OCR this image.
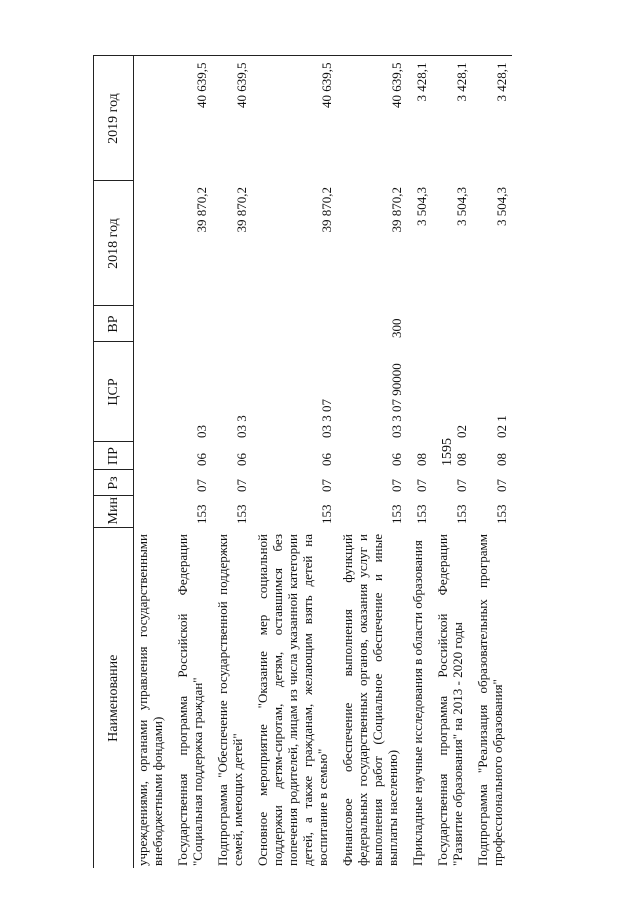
1595
Наименование	Мин	Рз	ПР	ЦСР	ВР	2018 год	2019 год
учреждениями, органами управления государственными внебюджетными фондами)							
Государственная программа Российской Федерации "Социальная поддержка граждан"	153	07	06	03		39 870,2	40 639,5
Подпрограмма "Обеспечение государственной поддержки семей, имеющих детей"	153	07	06	03 3		39 870,2	40 639,5
Основное мероприятие "Оказание мер социальной поддержки детям-сиротам, детям, оставшимся без попечения родителей, лицам из числа указанной категории детей, а также гражданам, желающим взять детей на воспитание в семью"	153	07	06	03 3 07		39 870,2	40 639,5
Финансовое обеспечение выполнения функций федеральных государственных органов, оказания услуг и выполнения работ (Социальное обеспечение и иные выплаты населению)	153	07	06	03 3 07 90000	300	39 870,2	40 639,5
Прикладные научные исследования в области образования	153	07	08			3 504,3	3 428,1
Государственная программа Российской Федерации "Развитие образования" на 2013 - 2020 годы	153	07	08	02		3 504,3	3 428,1
Подпрограмма "Реализация образовательных программ профессионального образования"	153	07	08	02 1		3 504,3	3 428,1
